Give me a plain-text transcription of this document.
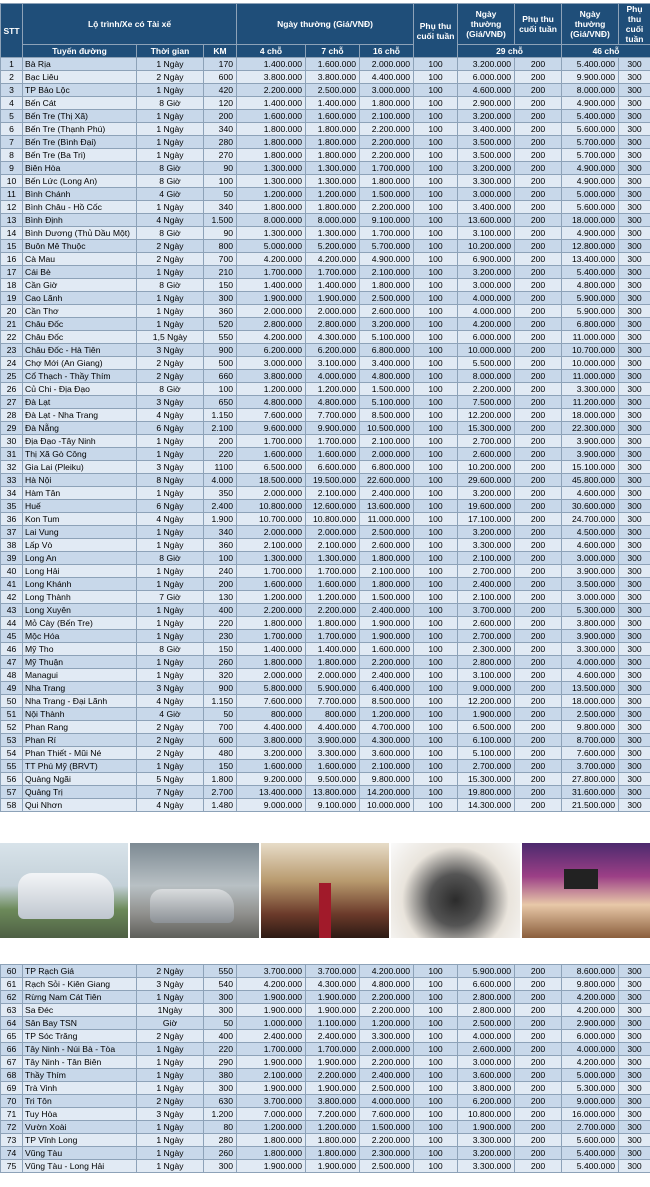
STT	Lộ trình/Xe có Tài xế			Ngày thường (Giá/VNĐ)			Phụ thu cuối tuần	Ngày thường (Giá/VNĐ)	Phụ thu cuối tuần	Ngày thường (Giá/VNĐ)	Phụ thu cuối tuần
	Tuyến đường	Thời gian	KM	4 chỗ	7 chỗ	16 chỗ		29 chỗ		46 chỗ	
1	Bà Rịa	1 Ngày	170	1.400.000	1.600.000	2.000.000	100	3.200.000	200	5.400.000	300
2	Bạc Liêu	2 Ngày	600	3.800.000	3.800.000	4.400.000	100	6.000.000	200	9.900.000	300
3	TP Bảo Lộc	1 Ngày	420	2.200.000	2.500.000	3.000.000	100	4.600.000	200	8.000.000	300
4	Bến Cát	8 Giờ	120	1.400.000	1.400.000	1.800.000	100	2.900.000	200	4.900.000	300
5	Bến Tre (Thị Xã)	1 Ngày	200	1.600.000	1.600.000	2.100.000	100	3.200.000	200	5.400.000	300
6	Bến Tre (Thạnh Phú)	1 Ngày	340	1.800.000	1.800.000	2.200.000	100	3.400.000	200	5.600.000	300
7	Bến Tre (Bình Đại)	1 Ngày	280	1.800.000	1.800.000	2.200.000	100	3.500.000	200	5.700.000	300
8	Bến Tre (Ba Tri)	1 Ngày	270	1.800.000	1.800.000	2.200.000	100	3.500.000	200	5.700.000	300
9	Biên Hòa	8 Giờ	90	1.300.000	1.300.000	1.700.000	100	3.200.000	200	4.900.000	300
10	Bến Lức (Long An)	8 Giờ	100	1.300.000	1.300.000	1.800.000	100	3.300.000	200	4.900.000	300
11	Bình Chánh	4 Giờ	50	1.200.000	1.200.000	1.500.000	100	3.000.000	200	5.000.000	300
12	Bình Châu - Hồ Cốc	1 Ngày	340	1.800.000	1.800.000	2.200.000	100	3.400.000	200	5.600.000	300
13	Bình Định	4 Ngày	1.500	8.000.000	8.000.000	9.100.000	100	13.600.000	200	18.000.000	300
14	Bình Dương (Thủ Dầu Một)	8 Giờ	90	1.300.000	1.300.000	1.700.000	100	3.100.000	200	4.900.000	300
15	Buôn Mê Thuộc	2 Ngày	800	5.000.000	5.200.000	5.700.000	100	10.200.000	200	12.800.000	300
16	Cà Mau	2 Ngày	700	4.200.000	4.200.000	4.900.000	100	6.900.000	200	13.400.000	300
17	Cái Bè	1 Ngày	210	1.700.000	1.700.000	2.100.000	100	3.200.000	200	5.400.000	300
18	Cần Giờ	8 Giờ	150	1.400.000	1.400.000	1.800.000	100	3.000.000	200	4.800.000	300
19	Cao Lãnh	1 Ngày	300	1.900.000	1.900.000	2.500.000	100	4.000.000	200	5.900.000	300
20	Cần Thơ	1 Ngày	360	2.000.000	2.000.000	2.600.000	100	4.000.000	200	5.900.000	300
21	Châu Đốc	1 Ngày	520	2.800.000	2.800.000	3.200.000	100	4.200.000	200	6.800.000	300
22	Châu Đốc	1,5 Ngày	550	4.200.000	4.300.000	5.100.000	100	6.000.000	200	11.000.000	300
23	Châu Đốc - Hà Tiên	3 Ngày	900	6.200.000	6.200.000	6.800.000	100	10.000.000	200	10.700.000	300
24	Chợ Mới (An Giang)	2 Ngày	500	3.000.000	3.100.000	3.400.000	100	5.500.000	200	10.000.000	300
25	Cổ Thạch - Thầy Thím	2 Ngày	660	3.800.000	4.000.000	4.800.000	100	8.000.000	200	11.000.000	300
26	Củ Chi - Địa Đạo	8 Giờ	100	1.200.000	1.200.000	1.500.000	100	2.200.000	200	3.300.000	300
27	Đà Lạt	3 Ngày	650	4.800.000	4.800.000	5.100.000	100	7.500.000	200	11.200.000	300
28	Đà Lạt - Nha Trang	4 Ngày	1.150	7.600.000	7.700.000	8.500.000	100	12.200.000	200	18.000.000	300
29	Đà Nẵng	6 Ngày	2.100	9.600.000	9.900.000	10.500.000	100	15.300.000	200	22.300.000	300
30	Địa Đạo -Tây Ninh	1 Ngày	200	1.700.000	1.700.000	2.100.000	100	2.700.000	200	3.900.000	300
31	Thị Xã Gò Công	1 Ngày	220	1.600.000	1.600.000	2.000.000	100	2.600.000	200	3.900.000	300
32	Gia Lai (Pleiku)	3 Ngày	1100	6.500.000	6.600.000	6.800.000	100	10.200.000	200	15.100.000	300
33	Hà Nội	8 Ngày	4.000	18.500.000	19.500.000	22.600.000	100	29.600.000	200	45.800.000	300
34	Hàm Tân	1 Ngày	350	2.000.000	2.100.000	2.400.000	100	3.200.000	200	4.600.000	300
35	Huế	6 Ngày	2.400	10.800.000	12.600.000	13.600.000	100	19.600.000	200	30.600.000	300
36	Kon Tum	4 Ngày	1.900	10.700.000	10.800.000	11.000.000	100	17.100.000	200	24.700.000	300
37	Lai Vung	1 Ngày	340	2.000.000	2.000.000	2.500.000	100	3.200.000	200	4.500.000	300
38	Lấp Vò	1 Ngày	360	2.100.000	2.100.000	2.600.000	100	3.300.000	200	4.600.000	300
39	Long An	8 Giờ	100	1.300.000	1.300.000	1.800.000	100	2.100.000	200	3.000.000	300
40	Long Hải	1 Ngày	240	1.700.000	1.700.000	2.100.000	100	2.700.000	200	3.900.000	300
41	Long Khánh	1 Ngày	200	1.600.000	1.600.000	1.800.000	100	2.400.000	200	3.500.000	300
42	Long Thành	7 Giờ	130	1.200.000	1.200.000	1.500.000	100	2.100.000	200	3.000.000	300
43	Long Xuyên	1 Ngày	400	2.200.000	2.200.000	2.400.000	100	3.700.000	200	5.300.000	300
44	Mỏ Cày (Bến Tre)	1 Ngày	220	1.800.000	1.800.000	1.900.000	100	2.600.000	200	3.800.000	300
45	Mộc Hóa	1 Ngày	230	1.700.000	1.700.000	1.900.000	100	2.700.000	200	3.900.000	300
46	Mỹ Tho	8 Giờ	150	1.400.000	1.400.000	1.600.000	100	2.300.000	200	3.300.000	300
47	Mỹ Thuận	1 Ngày	260	1.800.000	1.800.000	2.200.000	100	2.800.000	200	4.000.000	300
48	Managui	1 Ngày	320	2.000.000	2.000.000	2.400.000	100	3.100.000	200	4.600.000	300
49	Nha Trang	3 Ngày	900	5.800.000	5.900.000	6.400.000	100	9.000.000	200	13.500.000	300
50	Nha Trang - Đại Lãnh	4 Ngày	1.150	7.600.000	7.700.000	8.500.000	100	12.200.000	200	18.000.000	300
51	Nội Thành	4 Giờ	50	800.000	800.000	1.200.000	100	1.900.000	200	2.500.000	300
52	Phan Rang	2 Ngày	700	4.400.000	4.400.000	4.700.000	100	6.500.000	200	9.800.000	300
53	Phan Rí	2 Ngày	600	3.800.000	3.900.000	4.300.000	100	6.100.000	200	8.700.000	300
54	Phan Thiết - Mũi Né	2 Ngày	480	3.200.000	3.300.000	3.600.000	100	5.100.000	200	7.600.000	300
55	TT Phú Mỹ (BRVT)	1 Ngày	150	1.600.000	1.600.000	2.100.000	100	2.700.000	200	3.700.000	300
56	Quảng Ngãi	5 Ngày	1.800	9.200.000	9.500.000	9.800.000	100	15.300.000	200	27.800.000	300
57	Quảng Trị	7 Ngày	2.700	13.400.000	13.800.000	14.200.000	100	19.800.000	200	31.600.000	300
58	Qui Nhơn	4 Ngày	1.480	9.000.000	9.100.000	10.000.000	100	14.300.000	200	21.500.000	300
60	TP Rạch Giá	2 Ngày	550	3.700.000	3.700.000	4.200.000	100	5.900.000	200	8.600.000	300
61	Rạch Sỏi - Kiên Giang	3 Ngày	540	4.200.000	4.300.000	4.800.000	100	6.600.000	200	9.800.000	300
62	Rừng Nam Cát Tiên	1 Ngày	300	1.900.000	1.900.000	2.200.000	100	2.800.000	200	4.200.000	300
63	Sa Đéc	1Ngày	300	1.900.000	1.900.000	2.200.000	100	2.800.000	200	4.200.000	300
64	Sân Bay TSN	Giờ	50	1.000.000	1.100.000	1.200.000	100	2.500.000	200	2.900.000	300
65	TP Sóc Trăng	2 Ngày	400	2.400.000	2.400.000	3.300.000	100	4.000.000	200	6.000.000	300
66	Tây Ninh - Núi Bà - Tòa	1 Ngày	220	1.700.000	1.700.000	2.000.000	100	2.600.000	200	4.000.000	300
67	Tây Ninh - Tân Biên	1 Ngày	290	1.900.000	1.900.000	2.200.000	100	3.000.000	200	4.200.000	300
68	Thầy Thím	1 Ngày	380	2.100.000	2.200.000	2.400.000	100	3.600.000	200	5.000.000	300
69	Trà Vinh	1 Ngày	300	1.900.000	1.900.000	2.500.000	100	3.800.000	200	5.300.000	300
70	Tri Tôn	2 Ngày	630	3.700.000	3.800.000	4.000.000	100	6.200.000	200	9.000.000	300
71	Tuy Hòa	3 Ngày	1.200	7.000.000	7.200.000	7.600.000	100	10.800.000	200	16.000.000	300
72	Vườn Xoài	1 Ngày	80	1.200.000	1.200.000	1.500.000	100	1.900.000	200	2.700.000	300
73	TP Vĩnh Long	1 Ngày	280	1.800.000	1.800.000	2.200.000	100	3.300.000	200	5.600.000	300
74	Vũng Tàu	1 Ngày	260	1.800.000	1.800.000	2.300.000	100	3.200.000	200	5.400.000	300
75	Vũng Tàu - Long Hải	1 Ngày	300	1.900.000	1.900.000	2.500.000	100	3.300.000	200	5.400.000	300
